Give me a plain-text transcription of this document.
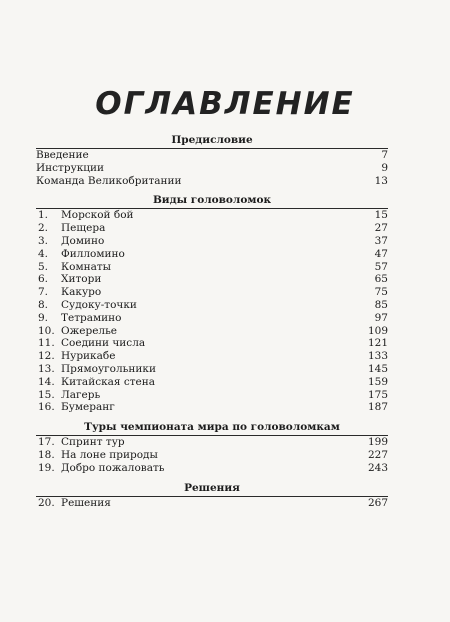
ОГЛАВЛЕНИЕ
Предисловие
Введение	7
Инструкции	9
Команда Великобритании	13
Виды головоломок
1. Морской бой	15
2. Пещера	27
3. Домино	37
4. Филломино	47
5. Комнаты	57
6. Хитори	65
7. Какуро	75
8. Судоку-точки	85
9. Тетрамино	97
10. Ожерелье	109
11. Соедини числа	121
12. Нурикабе	133
13. Прямоугольники	145
14. Китайская стена	159
15. Лагерь	175
16. Бумеранг	187
Туры чемпионата мира по головоломкам
17. Спринт тур	199
18. На лоне природы	227
19. Добро пожаловать	243
Решения
20. Решения	267
